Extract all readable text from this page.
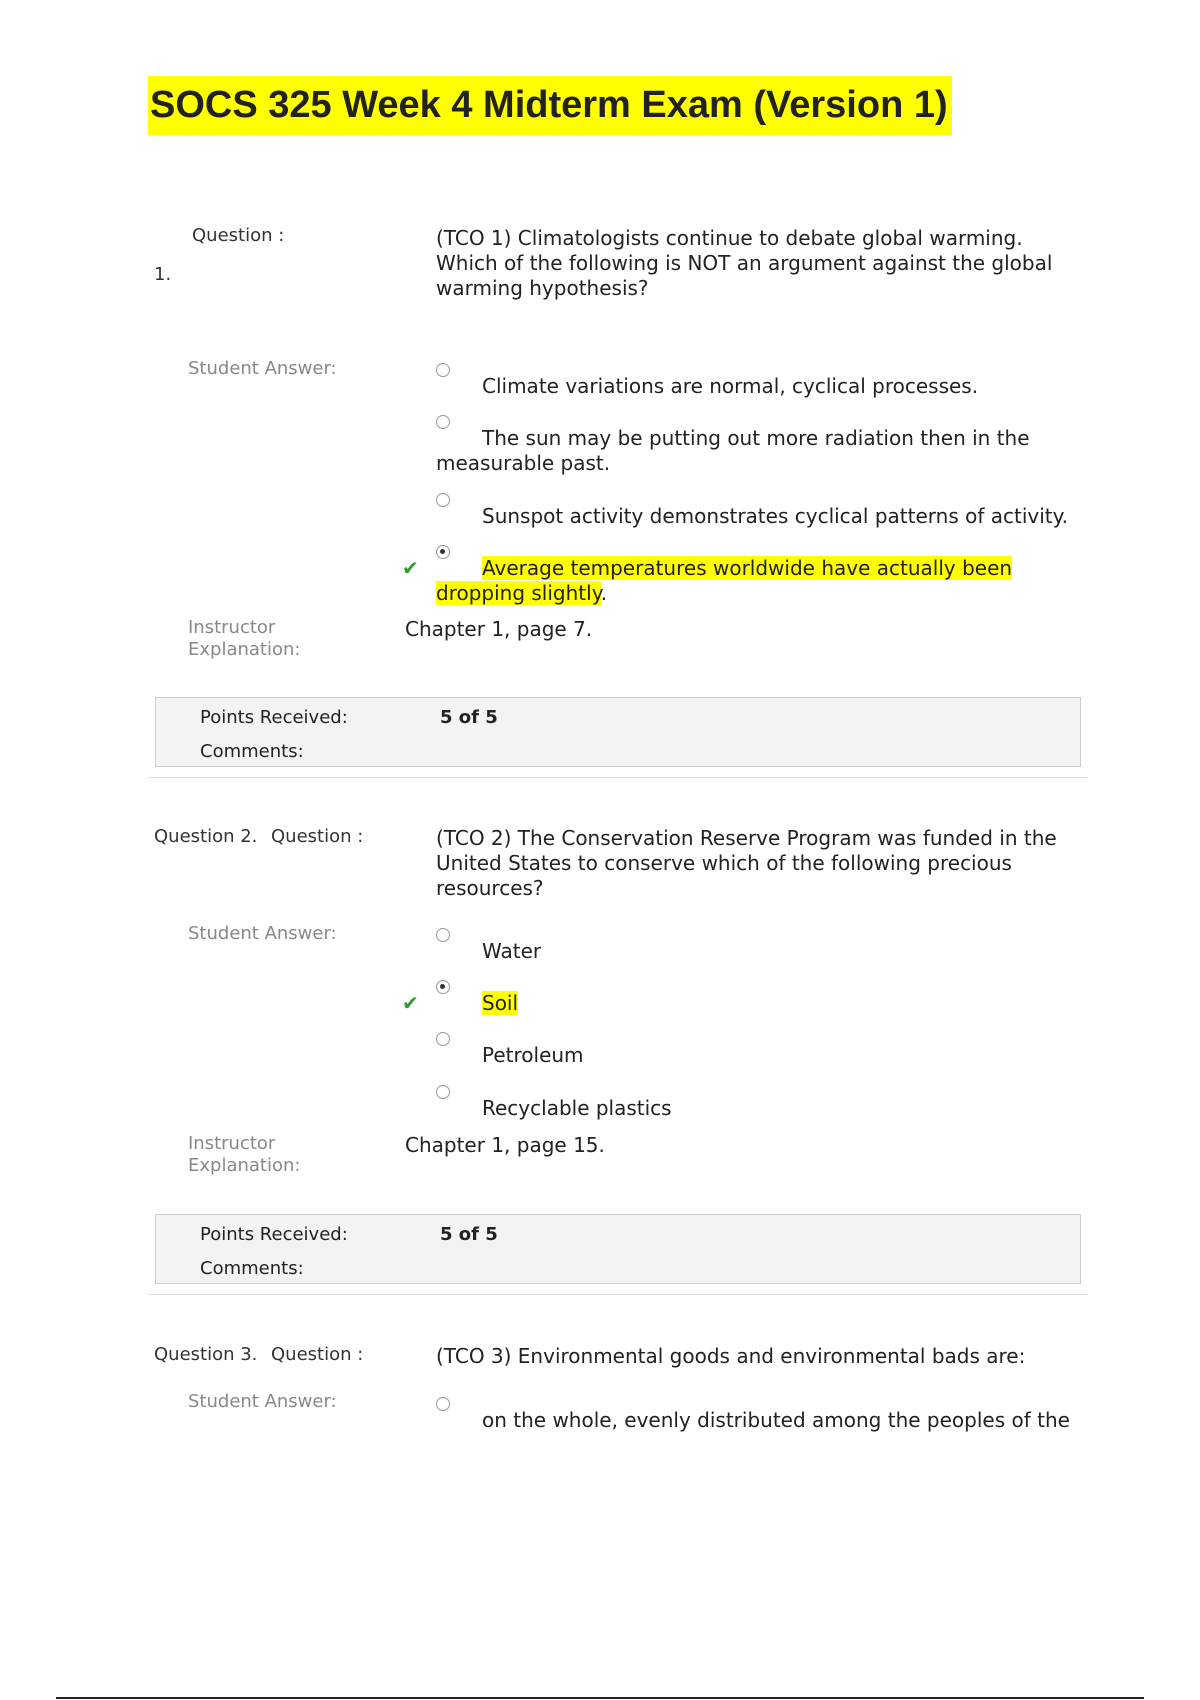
SOCS 325 Week 4 Midterm Exam (Version 1)
Question :
1.
(TCO 1) Climatologists continue to debate global warming. Which of the following is NOT an argument against the global warming hypothesis?
Student Answer:
Climate variations are normal, cyclical processes.
The sun may be putting out more radiation then in the measurable past.
Sunspot activity demonstrates cyclical patterns of activity.
✔	Average temperatures worldwide have actually been dropping slightly.
Instructor Explanation:
Chapter 1, page 7.
Points Received:	5 of 5
Comments:
Question 2. Question :	(TCO 2) The Conservation Reserve Program was funded in the United States to conserve which of the following precious resources?
Student Answer:
Water
✔	Soil
Petroleum
Recyclable plastics
Instructor Explanation:
Chapter 1, page 15.
Points Received:	5 of 5
Comments:
Question 3. Question :	(TCO 3) Environmental goods and environmental bads are:
Student Answer:
on the whole, evenly distributed among the peoples of the
